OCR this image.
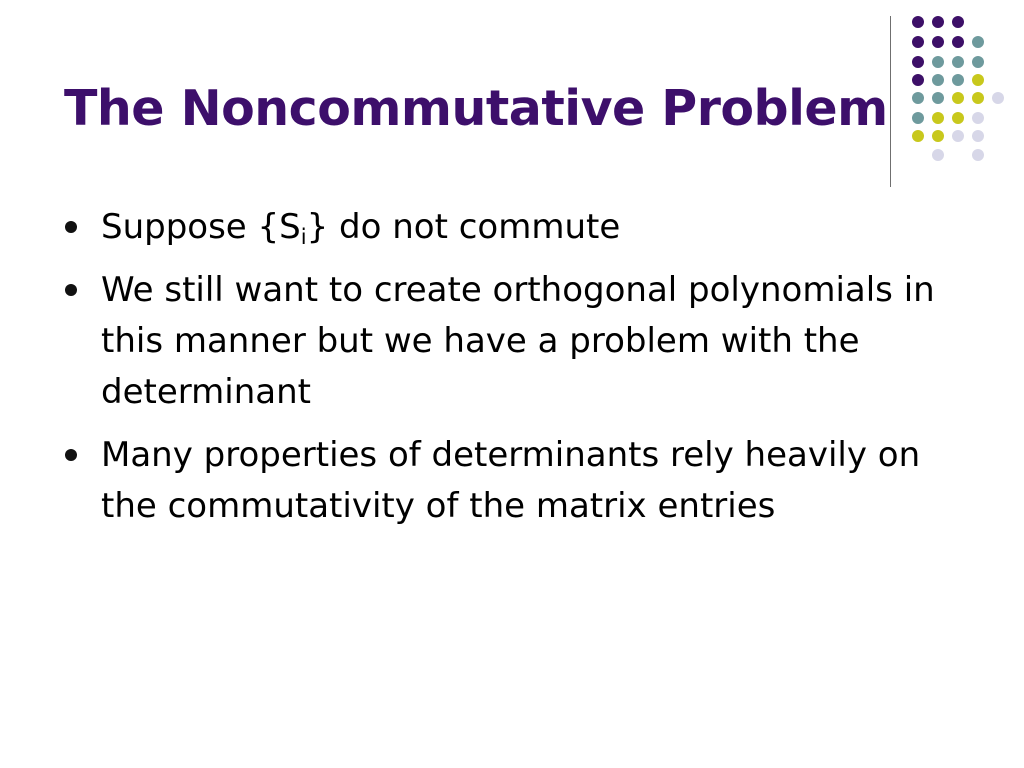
The Noncommutative Problem
Suppose $\{S_i\}$ do not commute
We still want to create orthogonal polynomials in this manner but we have a problem with the determinant
Many properties of determinants rely heavily on the commutativity of the matrix entries
